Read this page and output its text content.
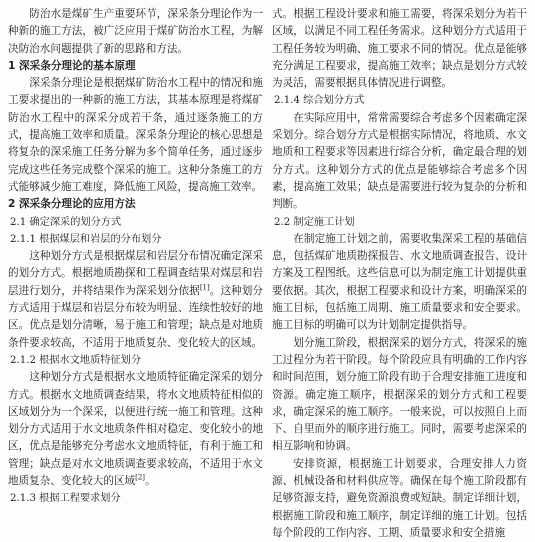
防治水是煤矿生产重要环节，深采条分理论作为一种新的施工方法，被广泛应用于煤矿防治水工程，为解决防治水问题提供了新的思路和方法。

1 深采条分理论的基本原理

深采条分理论是根据煤矿防治水工程中的情况和施工要求提出的一种新的施工方法，其基本原理是将煤矿防治水工程中的深采分成若干条，通过逐条施工的方式，提高施工效率和质量。深采条分理论的核心思想是将复杂的深采施工任务分解为多个简单任务，通过逐步完成这些任务完成整个深采的施工。这种分条施工的方式能够减少施工难度，降低施工风险，提高施工效率。

2 深采条分理论的应用方法
2.1 确定深采的划分方式
2.1.1 根据煤层和岩层的分布划分

这种划分方式是根据煤层和岩层分布情况确定深采的划分方式。根据地质勘探和工程调查结果对煤层和岩层进行划分，并将结果作为深采划分依据[1]。这种划分方式适用于煤层和岩层分布较为明显、连续性较好的地区。优点是划分清晰，易于施工和管理；缺点是对地质条件要求较高，不适用于地质复杂、变化较大的区域。

2.1.2 根据水文地质特征划分

这种划分方式是根据水文地质特征确定深采的划分方式。根据水文地质调查结果，将水文地质特征相似的区域划分为一个深采，以便进行统一施工和管理。这种划分方式适用于水文地质条件相对稳定、变化较小的地区，优点是能够充分考虑水文地质特征，有利于施工和管理；缺点是对水文地质调查要求较高，不适用于水文地质复杂、变化较大的区域[2]。

2.1.3 根据工程要求划分

式。根据工程设计要求和施工需要，将深采划分为若干区域，以满足不同工程任务需求。这种划分方式适用于工程任务较为明确、施工要求不同的情况。优点是能够充分满足工程要求，提高施工效率；缺点是划分方式较为灵活，需要根据具体情况进行调整。

2.1.4 综合划分方式

在实际应用中，常常需要综合考虑多个因素确定深采划分。综合划分方式是根据实际情况，将地质、水文地质和工程要求等因素进行综合分析，确定最合理的划分方式。这种划分方式的优点是能够综合考虑多个因素，提高施工效果；缺点是需要进行较为复杂的分析和判断。

2.2 制定施工计划

在制定施工计划之前，需要收集深采工程的基础信息，包括煤矿地质勘探报告、水文地质调查报告、设计方案及工程图纸。这些信息可以为制定施工计划提供重要依据。其次，根据工程要求和设计方案，明确深采的施工目标，包括施工周期、施工质量要求和安全要求。施工目标的明确可以为计划制定提供指导。

划分施工阶段，根据深采的划分方式，将深采的施工过程分为若干阶段。每个阶段应具有明确的工作内容和时间范围，划分施工阶段有助于合理安排施工进度和资源。确定施工顺序，根据深采的划分方式和工程要求，确定深采的施工顺序。一般来说，可以按照自上而下、自里而外的顺序进行施工。同时，需要考虑深采的相互影响和协调。

安排资源，根据施工计划要求，合理安排人力资源、机械设备和材料供应等。确保在每个施工阶段都有足够资源支持，避免资源浪费或短缺。制定详细计划，根据施工阶段和施工顺序，制定详细的施工计划。包括每个阶段的工作内容、工期、质量要求和安全措施
